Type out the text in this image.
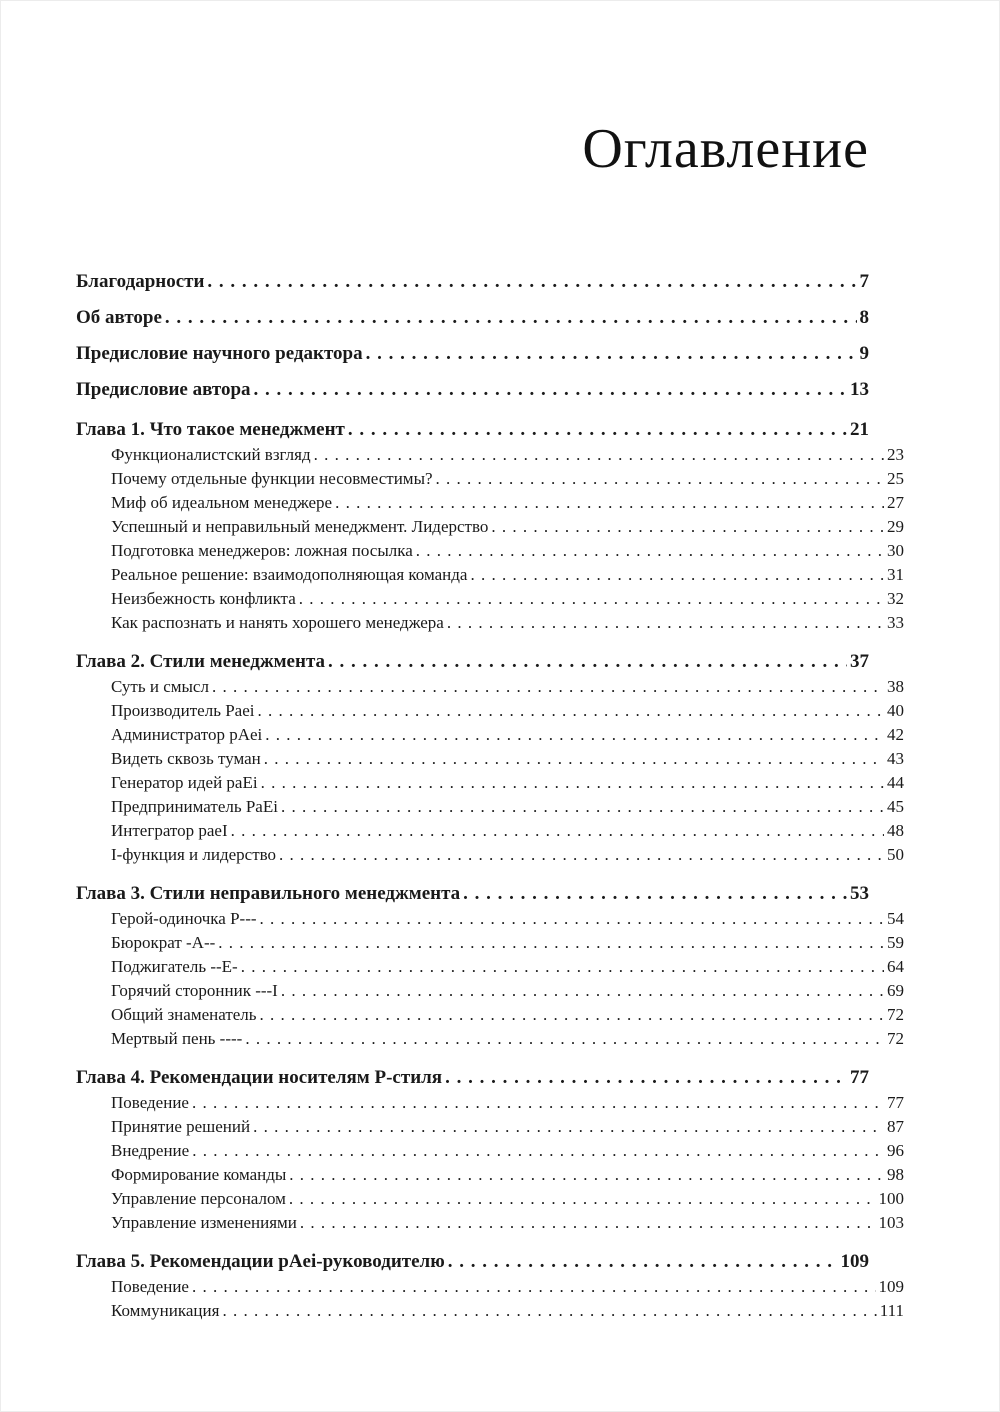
Оглавление
Благодарности . . .	7
Об авторе . . .	8
Предисловие научного редактора . . .	9
Предисловие автора . . .	13
Глава 1. Что такое менеджмент . . .	21
Функционалистский взгляд . . .	23
Почему отдельные функции несовместимы? . . .	25
Миф об идеальном менеджере . . .	27
Успешный и неправильный менеджмент. Лидерство . . .	29
Подготовка менеджеров: ложная посылка . . .	30
Реальное решение: взаимодополняющая команда . . .	31
Неизбежность конфликта . . .	32
Как распознать и нанять хорошего менеджера . . .	33
Глава 2. Стили менеджмента . . .	37
Суть и смысл . . .	38
Производитель Paei . . .	40
Администратор pAei . . .	42
Видеть сквозь туман . . .	43
Генератор идей paEi . . .	44
Предприниматель PaEi . . .	45
Интегратор paeI . . .	48
I-функция и лидерство . . .	50
Глава 3. Стили неправильного менеджмента . . .	53
Герой-одиночка P--- . . .	54
Бюрократ -A-- . . .	59
Поджигатель --E- . . .	64
Горячий сторонник ---I . . .	69
Общий знаменатель . . .	72
Мертвый пень ---- . . .	72
Глава 4. Рекомендации носителям P-стиля . . .	77
Поведение . . .	77
Принятие решений . . .	87
Внедрение . . .	96
Формирование команды . . .	98
Управление персоналом . . .	100
Управление изменениями . . .	103
Глава 5. Рекомендации pAei-руководителю . . .	109
Поведение . . .	109
Коммуникация . . .	111
